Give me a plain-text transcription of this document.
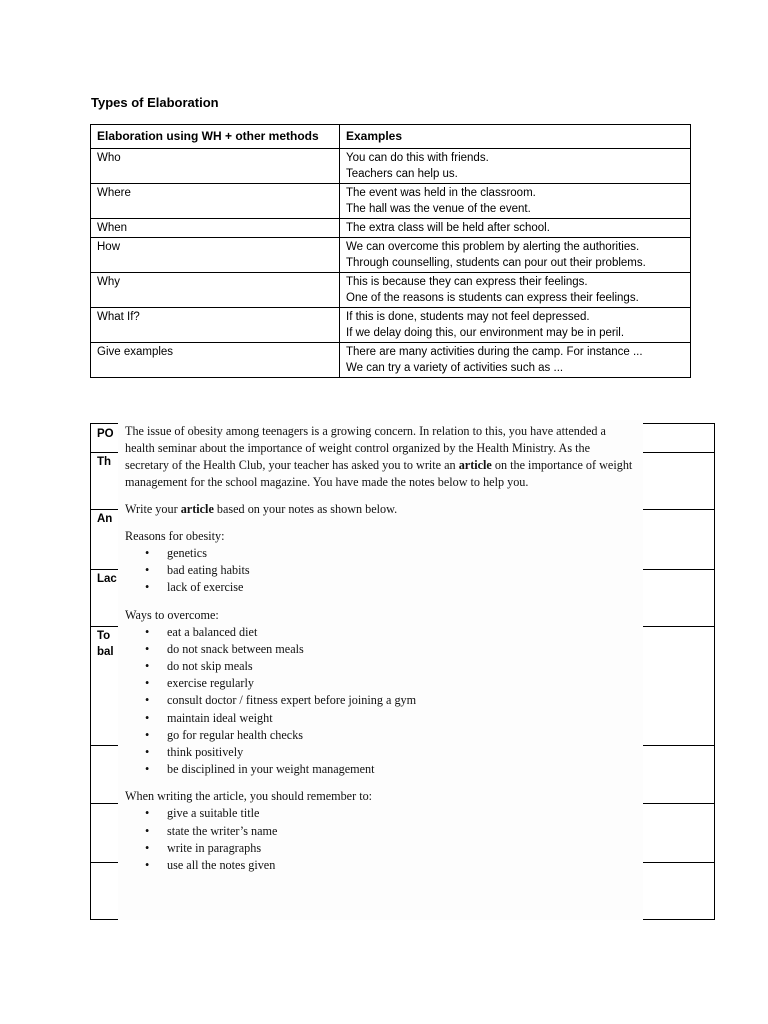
Types of Elaboration
Elaboration using WH + other methods	Examples
Who	You can do this with friends.
Teachers can help us.

Where	The event was held in the classroom.
The hall was the venue of the event.

When	The extra class will be held after school.

How	We can overcome this problem by alerting the authorities.
Through counselling, students can pour out their problems.

Why	This is because they can express their feelings.
One of the reasons is students can express their feelings.

What If?	If this is done, students may not feel depressed.
If we delay doing this, our environment may be in peril.

Give examples	There are many activities during the camp. For instance ...
We can try a variety of activities such as ...
PO
Th
An
Lac
To
bal

The issue of obesity among teenagers is a growing concern. In relation to this, you have attended a health seminar about the importance of weight control organized by the Health Ministry. As the secretary of the Health Club, your teacher has asked you to write an article on the importance of weight management for the school magazine. You have made the notes below to help you.

Write your article based on your notes as shown below.

Reasons for obesity:

• genetics
• bad eating habits
• lack of exercise

Ways to overcome:

• eat a balanced diet
• do not snack between meals
• do not skip meals
• exercise regularly
• consult doctor / fitness expert before joining a gym
• maintain ideal weight
• go for regular health checks
• think positively
• be disciplined in your weight management

When writing the article, you should remember to:

• give a suitable title
• state the writer’s name
• write in paragraphs
• use all the notes given
